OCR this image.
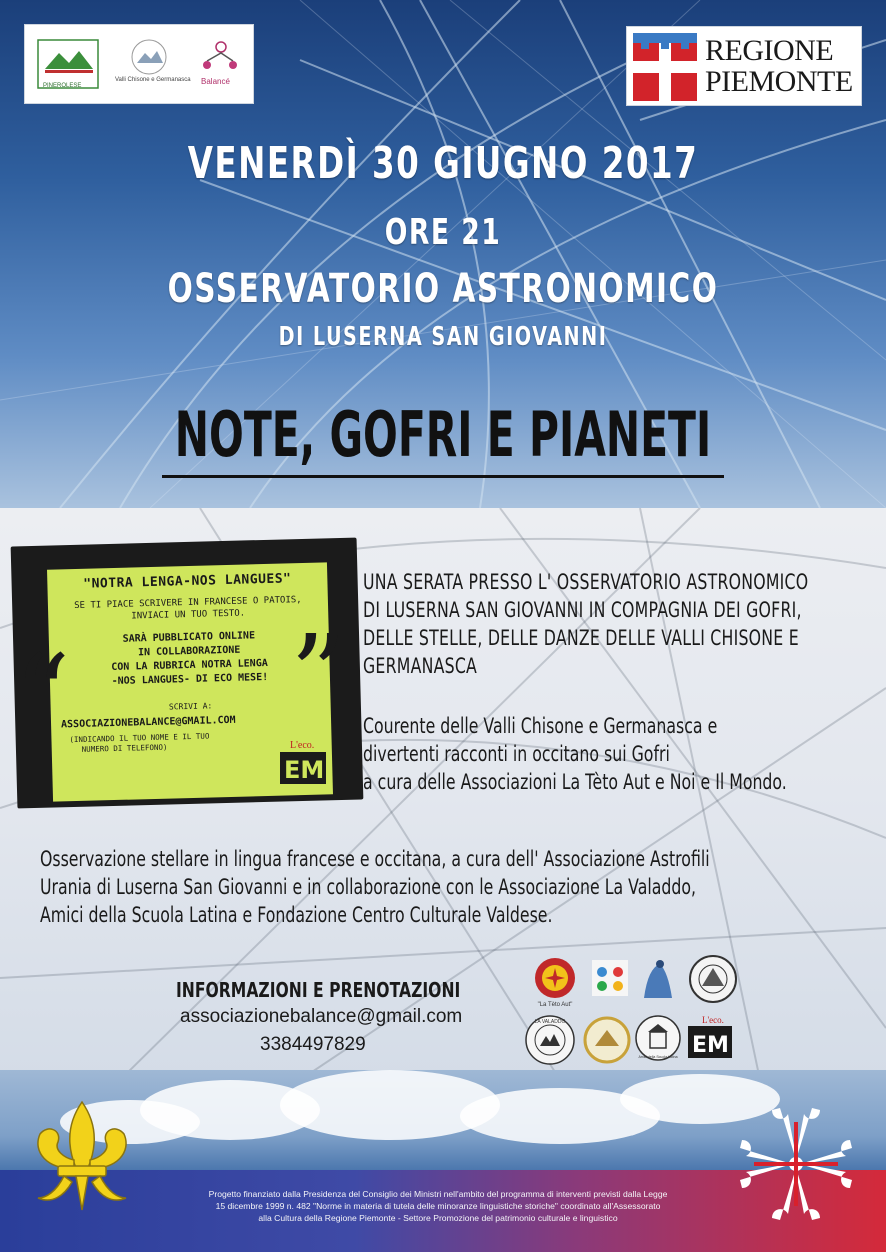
PINEROLESE
Valli Chisone e Germanasca Balancé
REGIONE
PIEMONTE
VENERDÌ 30 GIUGNO 2017
ORE 21
OSSERVATORIO ASTRONOMICO
DI LUSERNA SAN GIOVANNI
NOTE, GOFRI E PIANETI
"NOTRA LENGA-NOS LANGUES"
SE TI PIACE SCRIVERE IN FRANCESE O PATOIS,
INVIACI UN TUO TESTO.
SARÀ PUBBLICATO ONLINE
IN COLLABORAZIONE
CON LA RUBRICA NOTRA LENGA
-NOS LANGUES- DI ECO MESE!
SCRIVI A:
ASSOCIAZIONEBALANCE@GMAIL.COM
(INDICANDO IL TUO NOME E IL TUO
NUMERO DI TELEFONO)
“ ”
L'eco.
EM
UNA SERATA PRESSO L' OSSERVATORIO ASTRONOMICO
DI LUSERNA SAN GIOVANNI IN COMPAGNIA DEI GOFRI,
DELLE STELLE, DELLE DANZE DELLE VALLI CHISONE E
GERMANASCA
Courente delle Valli Chisone e Germanasca e
divertenti racconti in occitano sui Gofri
a cura delle Associazioni La Tèto Aut e Noi e Il Mondo.
Osservazione stellare in lingua francese e occitana, a cura dell' Associazione Astrofili
Urania di Luserna San Giovanni e in collaborazione con le Associazione La Valaddo,
Amici della Scuola Latina e Fondazione Centro Culturale Valdese.
INFORMAZIONI E PRENOTAZIONI
associazionebalance@gmail.com
3384497829
"La Tèto Aut"
LA VALADDO
Amici della Scuola Latina
L'eco.
EM
Progetto finanziato dalla Presidenza del Consiglio dei Ministri nell'ambito del programma di interventi previsti dalla Legge
15 dicembre 1999 n. 482 "Norme in materia di tutela delle minoranze linguistiche storiche" coordinato all'Assessorato
alla Cultura della Regione Piemonte - Settore Promozione del patrimonio culturale e linguistico
